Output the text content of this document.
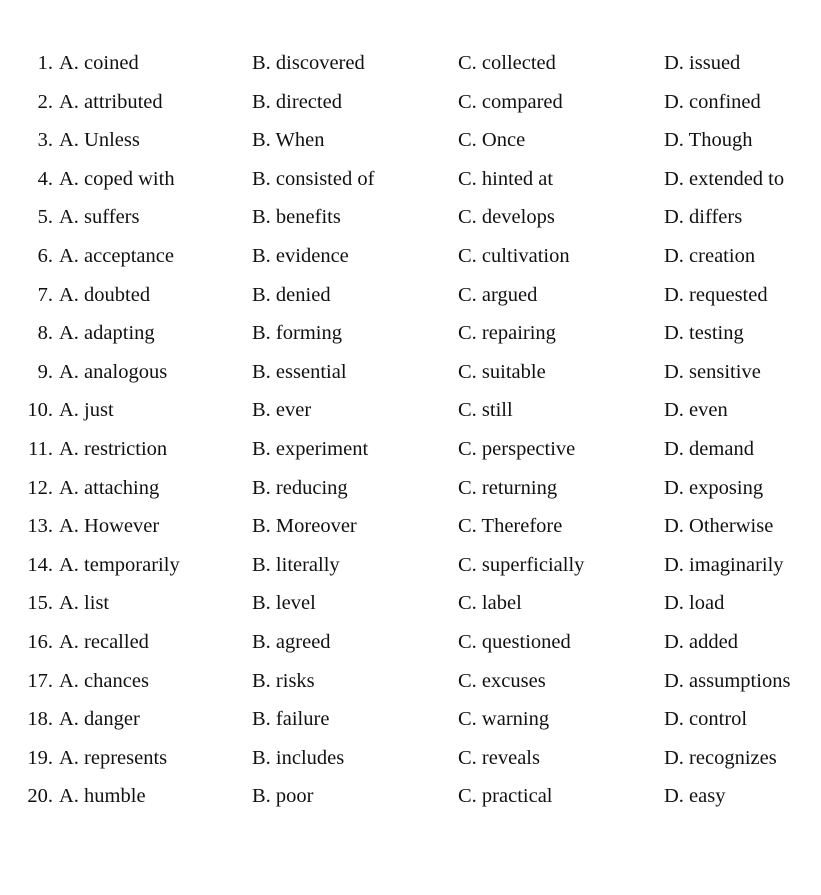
1. A. coined	B. discovered	C. collected	D. issued
2. A. attributed	B. directed	C. compared	D. confined
3. A. Unless	B. When	C. Once	D. Though
4. A. coped with	B. consisted of	C. hinted at	D. extended to
5. A. suffers	B. benefits	C. develops	D. differs
6. A. acceptance	B. evidence	C. cultivation	D. creation
7. A. doubted	B. denied	C. argued	D. requested
8. A. adapting	B. forming	C. repairing	D. testing
9. A. analogous	B. essential	C. suitable	D. sensitive
10. A. just	B. ever	C. still	D. even
11. A. restriction	B. experiment	C. perspective	D. demand
12. A. attaching	B. reducing	C. returning	D. exposing
13. A. However	B. Moreover	C. Therefore	D. Otherwise
14. A. temporarily	B. literally	C. superficially	D. imaginarily
15. A. list	B. level	C. label	D. load
16. A. recalled	B. agreed	C. questioned	D. added
17. A. chances	B. risks	C. excuses	D. assumptions
18. A. danger	B. failure	C. warning	D. control
19. A. represents	B. includes	C. reveals	D. recognizes
20. A. humble	B. poor	C. practical	D. easy
